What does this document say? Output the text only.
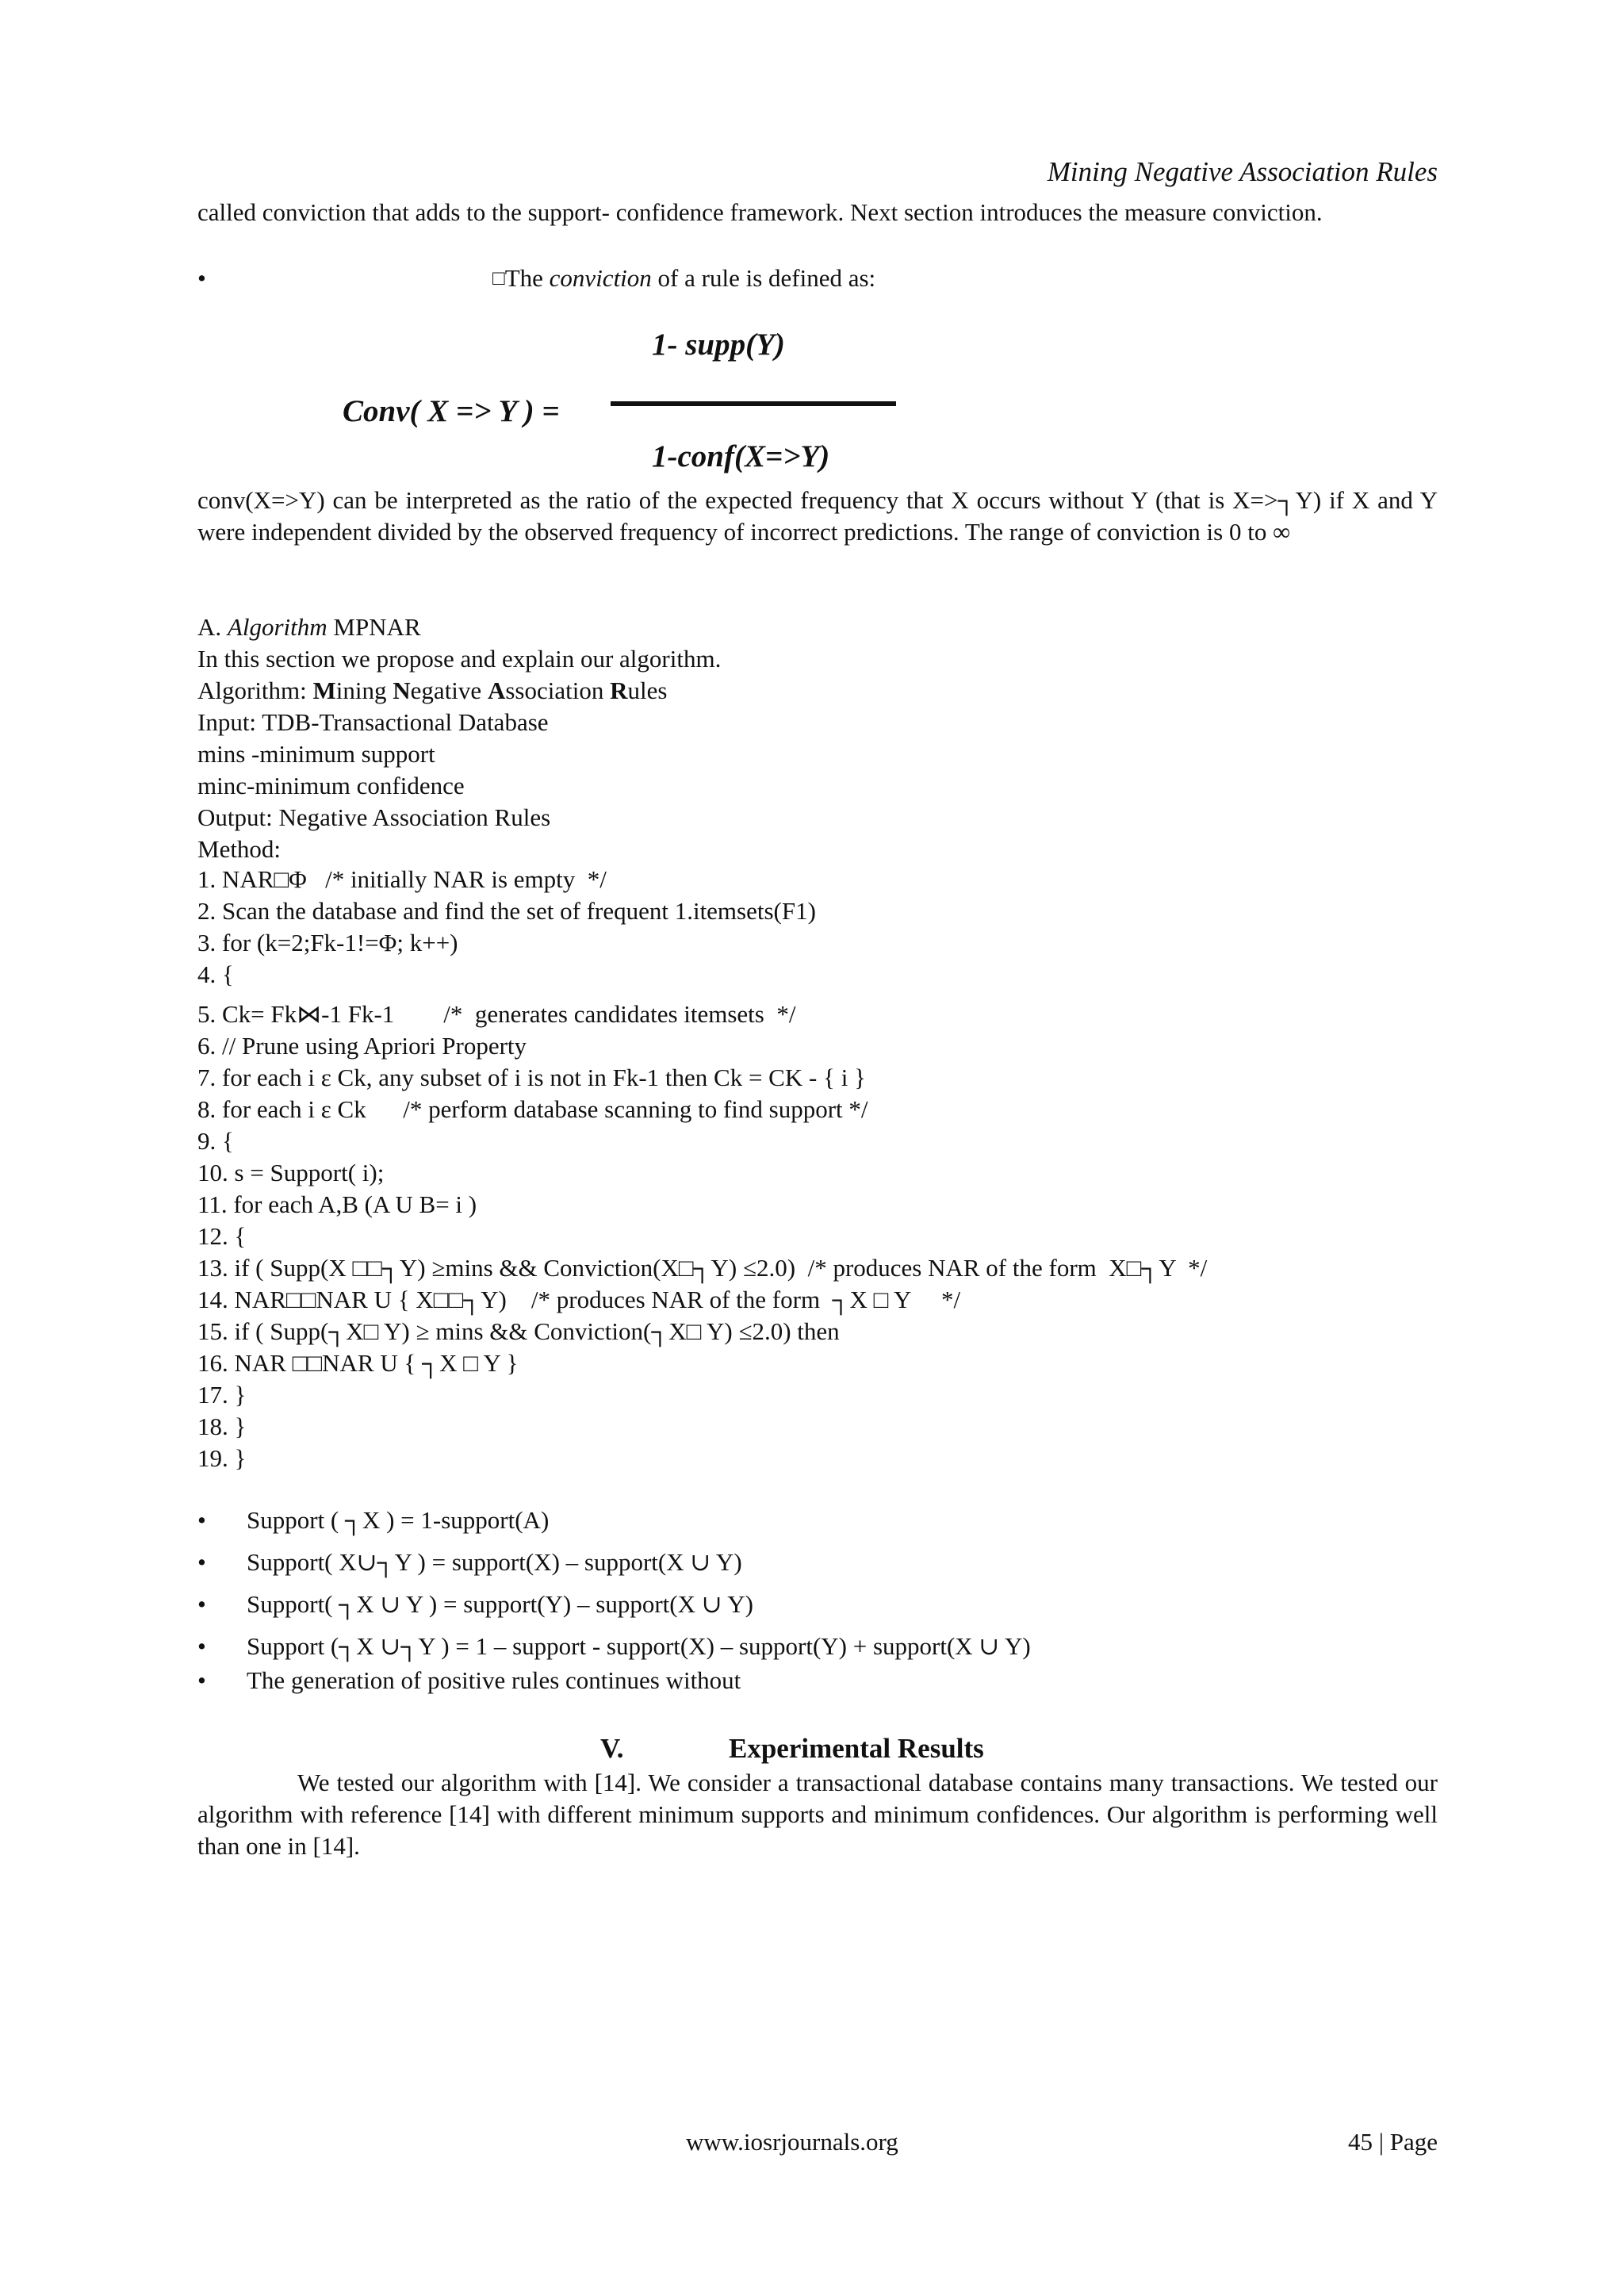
Mining Negative Association Rules
called conviction that adds to the support- confidence framework. Next section introduces the measure conviction.
•	□The conviction of a rule is defined as:
1- supp(Y)
Conv( X => Y ) =
1-conf(X=>Y)
conv(X=>Y) can be interpreted as the ratio of the expected frequency that X occurs without Y (that is X=>┐Y) if X and Y were independent divided by the observed frequency of incorrect predictions. The range of conviction is 0 to ∞
A. Algorithm MPNAR
In this section we propose and explain our algorithm.
Algorithm: Mining Negative Association Rules
Input: TDB-Transactional Database
mins -minimum support
minc-minimum confidence
Output: Negative Association Rules
Method:
1. NAR□Φ   /* initially NAR is empty  */
2. Scan the database and find the set of frequent 1.itemsets(F1)
3. for (k=2;Fk-1!=Φ; k++)
4. {
5. Ck= Fk⋈-1 Fk-1        /*  generates candidates itemsets  */
6. // Prune using Apriori Property
7. for each i ε Ck, any subset of i is not in Fk-1 then Ck = CK - { i }
8. for each i ε Ck      /* perform database scanning to find support */
9. {
10. s = Support( i);
11. for each A,B (A U B= i )
12. {
13. if ( Supp(X □□┐Y) ≥mins && Conviction(X□┐Y) ≤2.0)  /* produces NAR of the form  X□┐Y  */
14. NAR□□NAR U { X□□┐Y)    /* produces NAR of the form  ┐X □ Y     */
15. if ( Supp(┐X□ Y) ≥ mins && Conviction(┐X□ Y) ≤2.0) then
16. NAR □□NAR U { ┐X □ Y }
17. }
18. }
19. }
• Support ( ┐X ) = 1-support(A)
• Support( X∪┐Y ) = support(X) – support(X ∪ Y)
• Support( ┐X ∪ Y ) = support(Y) – support(X ∪ Y)
• Support (┐X ∪┐Y ) = 1 – support - support(X) – support(Y) + support(X ∪ Y)
• The generation of positive rules continues without
V.	Experimental Results
We tested our algorithm with [14]. We consider a transactional database contains many transactions. We tested our algorithm with reference [14] with different minimum supports and minimum confidences. Our algorithm is performing well than one in [14].
www.iosrjournals.org	45 | Page
